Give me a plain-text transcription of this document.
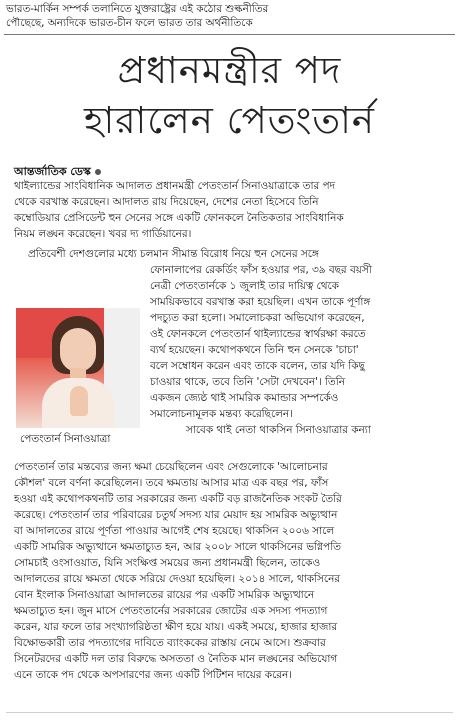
ভারত-মার্কিন সম্পর্ক তলানিতে যুক্তরাষ্ট্রের এই কঠোর শুল্কনীতির
পৌছেছে, অন্যদিকে ভারত-চীন ফলে ভারত তার অর্থনীতিকে
প্রধানমন্ত্রীর পদ
হারালেন পেতংতার্ন
আন্তর্জাতিক ডেস্ক
থাইল্যান্ডের সাংবিধানিক আদালত প্রধানমন্ত্রী পেতংতার্ন সিনাওয়াত্রাকে তার পদ
থেকে বরখাস্ত করেছেন। আদালত রায় দিয়েছেন, দেশের নেতা হিসেবে তিনি
কম্বোডিয়ার প্রেসিডেন্ট হুন সেনের সঙ্গে একটি ফোনকলে নৈতিকতার সাংবিধানিক
নিয়ম লঙ্ঘন করেছেন। খবর দ্য গার্ডিয়ানের।
প্রতিবেশী দেশগুলোর মধ্যে চলমান সীমান্ত বিরোধ নিয়ে হুন সেনের সঙ্গে
ফোনালাপের রেকর্ডিং ফাঁস হওয়ার পর, ৩৯ বছর বয়সী
নেত্রী পেতংতার্নকে ১ জুলাই তার দায়িত্ব থেকে
সাময়িকভাবে বরখাস্ত করা হয়েছিল। এখন তাকে পূর্ণাঙ্গ
পদচ্যুত করা হলো। সমালোচকরা অভিযোগ করেছেন,
ওই ফোনকলে পেতংতার্ন থাইল্যান্ডের স্বার্থরক্ষা করতে
ব্যর্থ হয়েছেন। কথোপকথনে তিনি হুন সেনকে 'চাচা'
বলে সম্বোধন করেন এবং তাকে বলেন, তার যদি কিছু
চাওয়ার থাকে, তবে তিনি 'সেটা দেখবেন'। তিনি
একজন জ্যেষ্ঠ থাই সামরিক কমান্ডার সম্পর্কেও
সমালোচনামূলক মন্তব্য করেছিলেন।
সাবেক থাই নেতা থাকসিন সিনাওয়াত্রার কন্যা
পেতংতার্ন সিনাওয়াত্রা
পেতংতার্ন তার মন্তব্যের জন্য ক্ষমা চেয়েছিলেন এবং সেগুলোকে 'আলোচনার
কৌশল' বলে বর্ণনা করেছিলেন। তবে ক্ষমতায় আসার মাত্র এক বছর পর, ফাঁস
হওয়া এই কথোপকথনটি তার সরকারের জন্য একটি বড় রাজনৈতিক সংকট তৈরি
করেছে। পেতংতার্ন তার পরিবারের চতুর্থ সদস্য যার মেয়াদ হয় সামরিক অভ্যুত্থান
বা আদালতের রায়ে পূর্ণতা পাওয়ার আগেই শেষ হয়েছে। থাকসিন ২০০৬ সালে
একটি সামরিক অভ্যুত্থানে ক্ষমতাচ্যুত হন, আর ২০০৮ সালে থাকসিনের ভগ্নিপতি
সোমচাই ওংসাওয়াত, যিনি সংক্ষিপ্ত সময়ের জন্য প্রধানমন্ত্রী ছিলেন, তাকেও
আদালতের রায়ে ক্ষমতা থেকে সরিয়ে দেওয়া হয়েছিল। ২০১৪ সালে, থাকসিনের
বোন ইংলাক সিনাওয়াত্রা আদালতের রায়ের পর একটি সামরিক অভ্যুত্থানে
ক্ষমতাচ্যুত হন। জুন মাসে পেতংতার্নের সরকারের জোটের এক সদস্য পদত্যাগ
করেন, যার ফলে তার সংখ্যাগরিষ্ঠতা ক্ষীণ হয়ে যায়। একই সময়ে, হাজার হাজার
বিক্ষোভকারী তার পদত্যাগের দাবিতে ব্যাংককের রাস্তায় নেমে আসে। শুক্রবার
সিনেটরদের একটি দল তার বিরুদ্ধে অসততা ও নৈতিক মান লঙ্ঘনের অভিযোগ
এনে তাকে পদ থেকে অপসারণের জন্য একটি পিটিশন দায়ের করেন।
